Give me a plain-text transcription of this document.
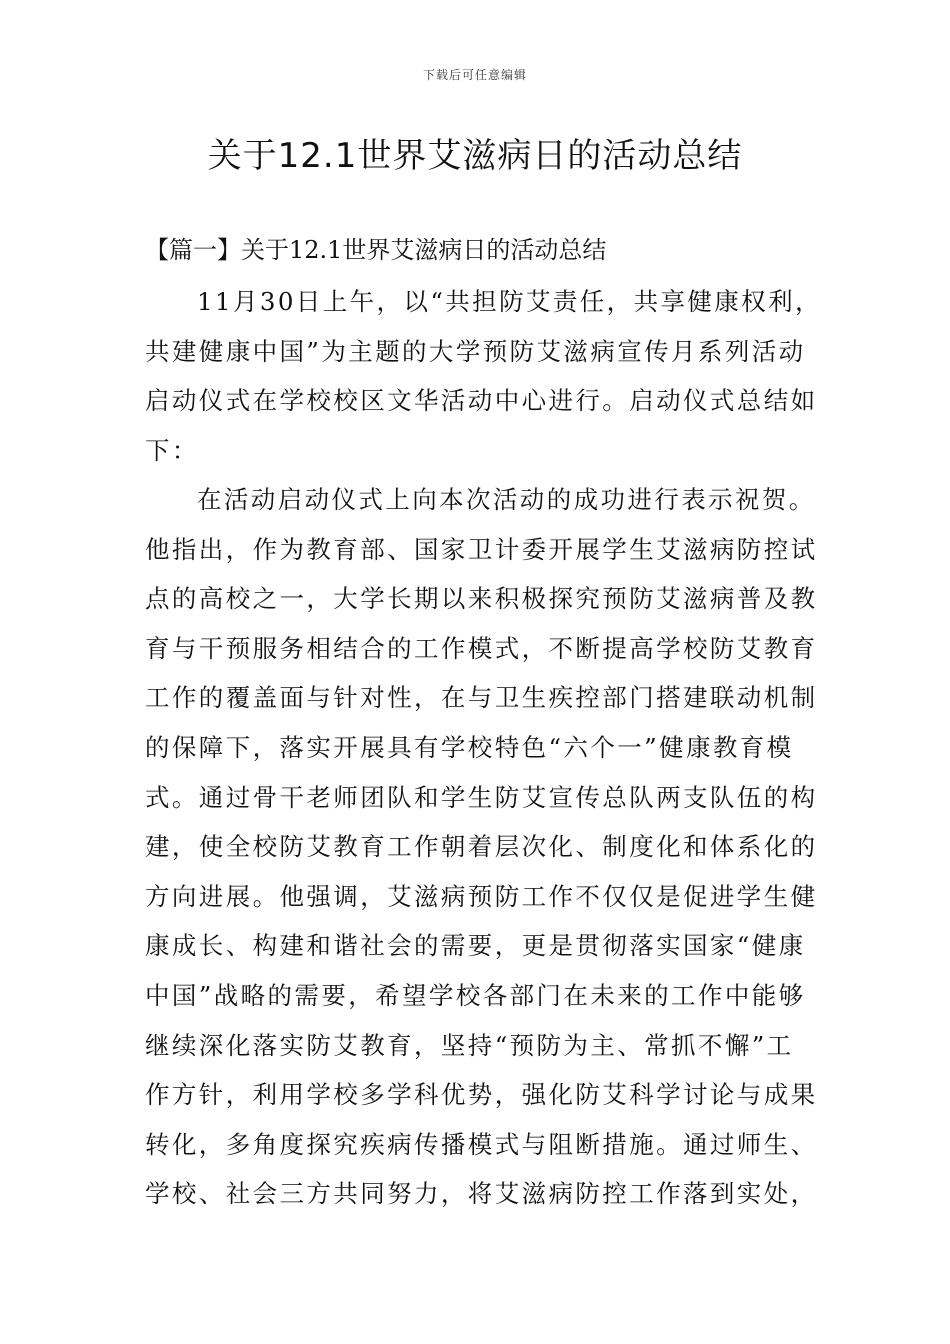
下载后可任意编辑
关于12.1世界艾滋病日的活动总结

【篇一】关于12.1世界艾滋病日的活动总结

11月30日上午，以“共担防艾责任，共享健康权利，
共建健康中国”为主题的大学预防艾滋病宣传月系列活动
启动仪式在学校校区文华活动中心进行。启动仪式总结如
下：
在活动启动仪式上向本次活动的成功进行表示祝贺。
他指出，作为教育部、国家卫计委开展学生艾滋病防控试
点的高校之一，大学长期以来积极探究预防艾滋病普及教
育与干预服务相结合的工作模式，不断提高学校防艾教育
工作的覆盖面与针对性，在与卫生疾控部门搭建联动机制
的保障下，落实开展具有学校特色“六个一”健康教育模
式。通过骨干老师团队和学生防艾宣传总队两支队伍的构
建，使全校防艾教育工作朝着层次化、制度化和体系化的
方向进展。他强调，艾滋病预防工作不仅仅是促进学生健
康成长、构建和谐社会的需要，更是贯彻落实国家“健康
中国”战略的需要，希望学校各部门在未来的工作中能够
继续深化落实防艾教育，坚持“预防为主、常抓不懈”工
作方针，利用学校多学科优势，强化防艾科学讨论与成果
转化，多角度探究疾病传播模式与阻断措施。通过师生、
学校、社会三方共同努力，将艾滋病防控工作落到实处，
